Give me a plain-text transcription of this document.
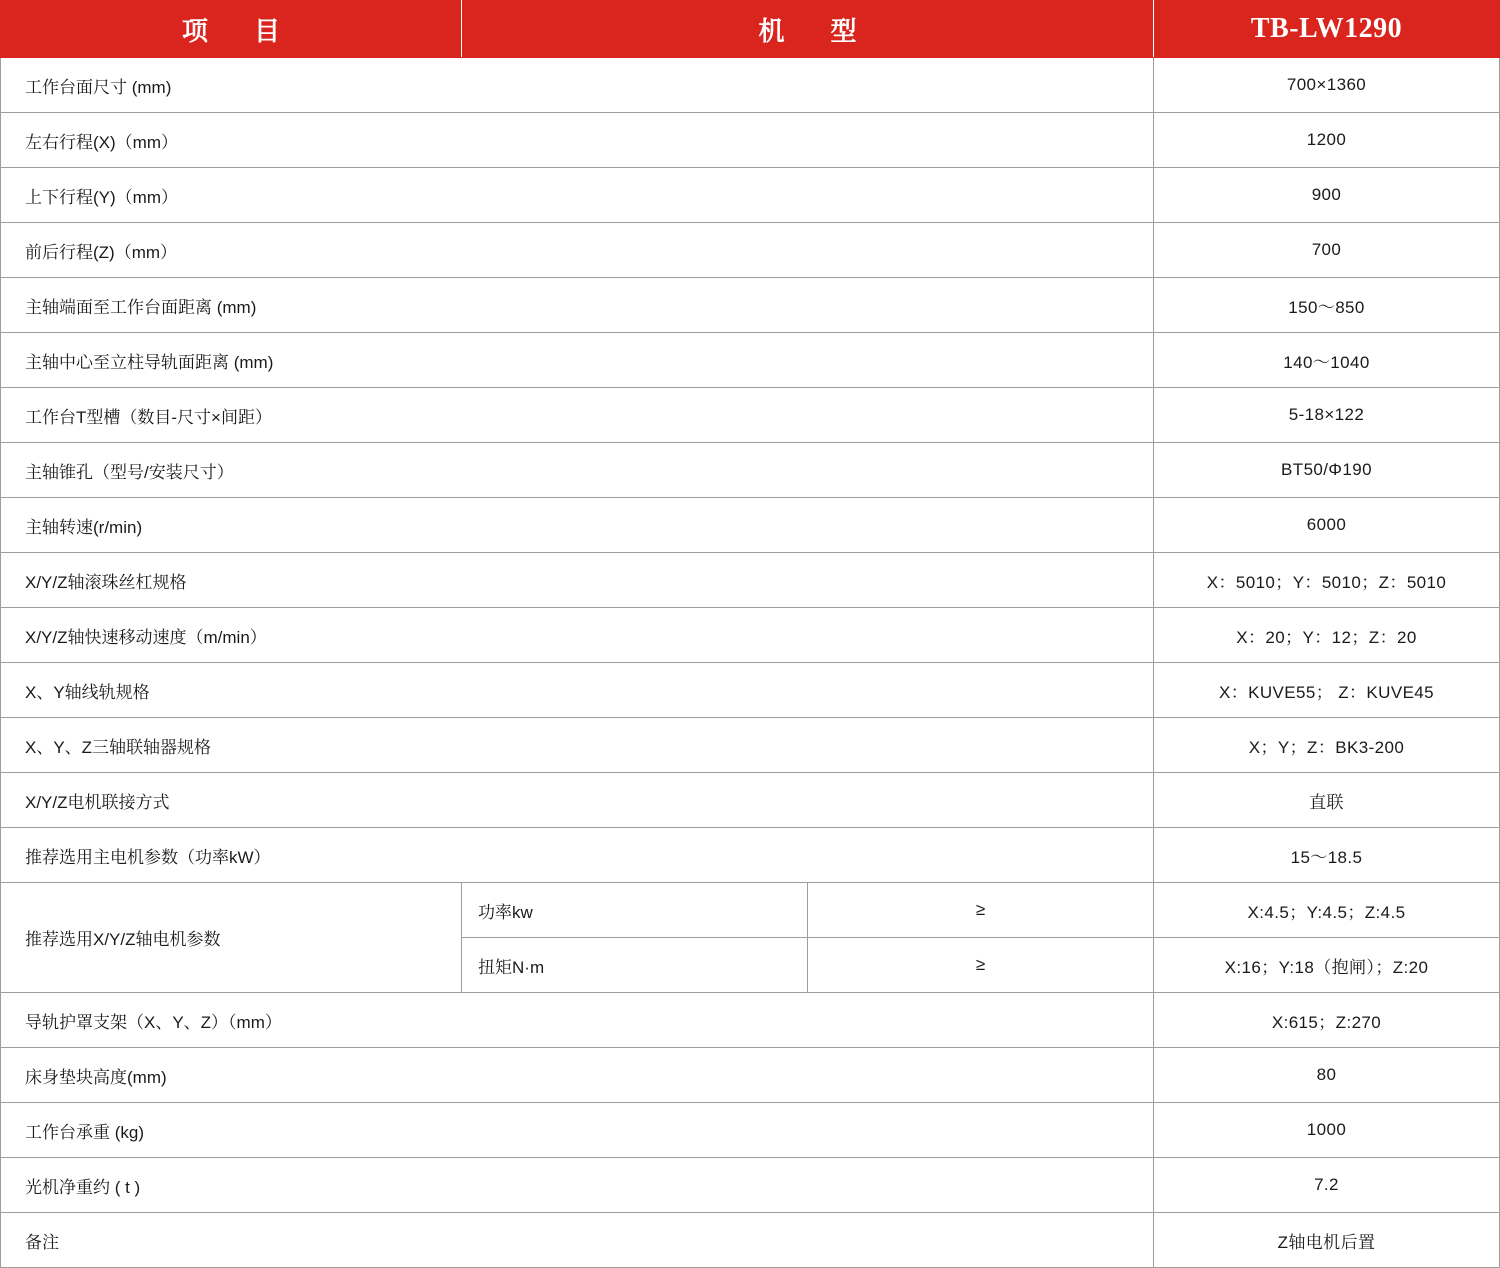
项　目	机　型		TB-LW1290
工作台面尺寸 (mm)			700×1360
左右行程(X)（mm）			1200
上下行程(Y)（mm）			900
前后行程(Z)（mm）			700
主轴端面至工作台面距离 (mm)			150～850
主轴中心至立柱导轨面距离 (mm)			140～1040
工作台T型槽（数目-尺寸×间距）			5-18×122
主轴锥孔（型号/安装尺寸）			BT50/Φ190
主轴转速(r/min)			6000
X/Y/Z轴滚珠丝杠规格			X：5010；Y：5010；Z：5010
X/Y/Z轴快速移动速度（m/min）			X：20；Y：12；Z：20
X、Y轴线轨规格			X：KUVE55； Z：KUVE45
X、Y、Z三轴联轴器规格			X；Y；Z：BK3-200
X/Y/Z电机联接方式			直联
推荐选用主电机参数（功率kW）			15～18.5
推荐选用X/Y/Z轴电机参数	功率kw	≥	X:4.5；Y:4.5；Z:4.5
	扭矩N·m	≥	X:16；Y:18（抱闸）；Z:20
导轨护罩支架（X、Y、Z）（mm）			X:615；Z:270
床身垫块高度(mm)			80
工作台承重 (kg)			1000
光机净重约 ( t )			7.2
备注			Z轴电机后置
